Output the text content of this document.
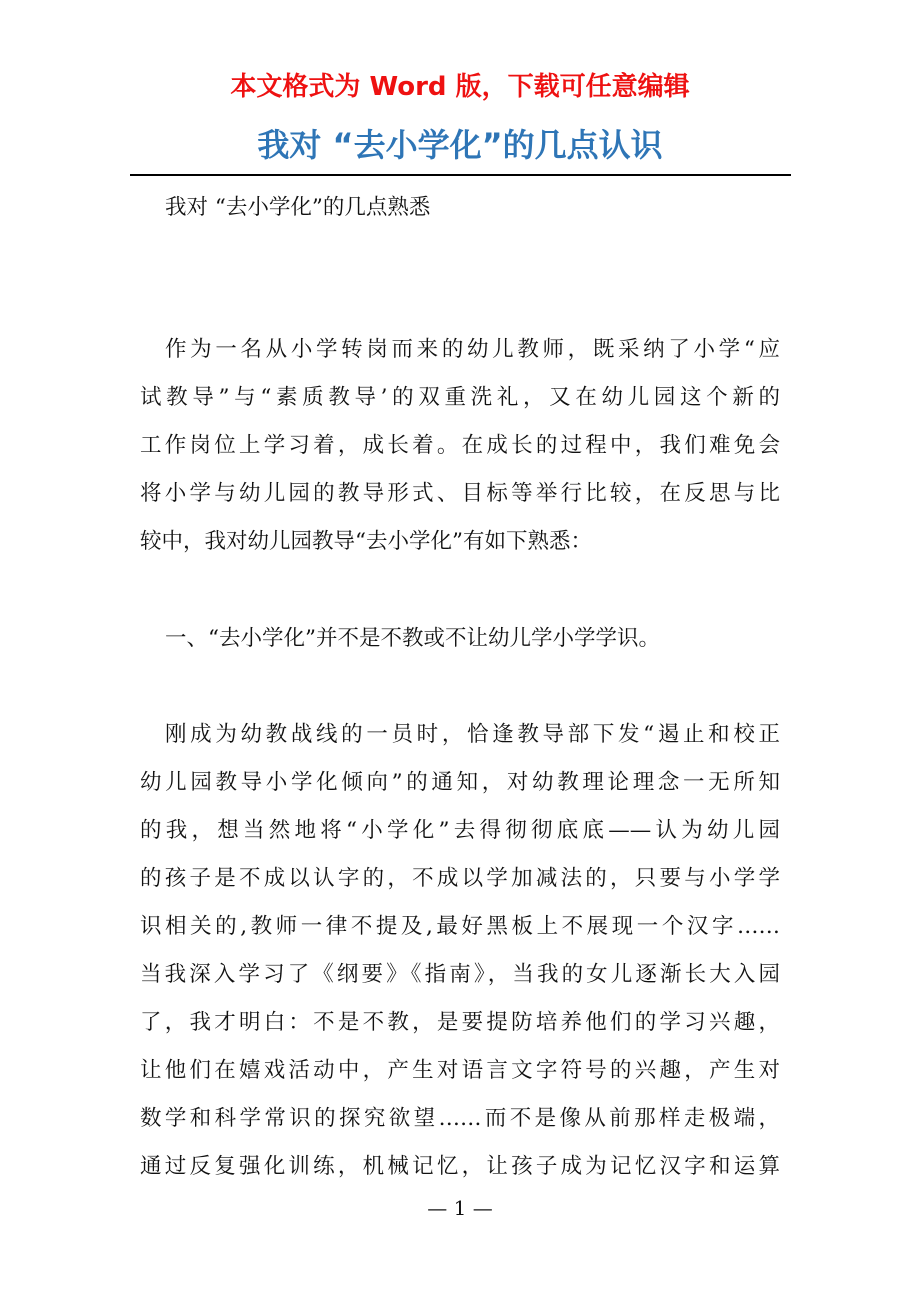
本文格式为 Word 版，下载可任意编辑
我对 “去小学化”的几点认识
我对 “去小学化”的几点熟悉
作为一名从小学转岗而来的幼儿教师，既采纳了小学“应
试教导”与“素质教导’的双重洗礼，又在幼儿园这个新的
工作岗位上学习着，成长着。在成长的过程中，我们难免会
将小学与幼儿园的教导形式、目标等举行比较，在反思与比
较中，我对幼儿园教导“去小学化”有如下熟悉：
一、“去小学化”并不是不教或不让幼儿学小学学识。
刚成为幼教战线的一员时，恰逢教导部下发“遏止和校正
幼儿园教导小学化倾向”的通知，对幼教理论理念一无所知
的我，想当然地将“小学化”去得彻彻底底——认为幼儿园
的孩子是不成以认字的，不成以学加减法的，只要与小学学
识相关的,教师一律不提及,最好黑板上不展现一个汉字……
当我深入学习了《纲要》《指南》，当我的女儿逐渐长大入园
了，我才明白：不是不教，是要提防培养他们的学习兴趣，
让他们在嬉戏活动中，产生对语言文字符号的兴趣，产生对
数学和科学常识的探究欲望……而不是像从前那样走极端，
通过反复强化训练，机械记忆，让孩子成为记忆汉字和运算
— 1 —
